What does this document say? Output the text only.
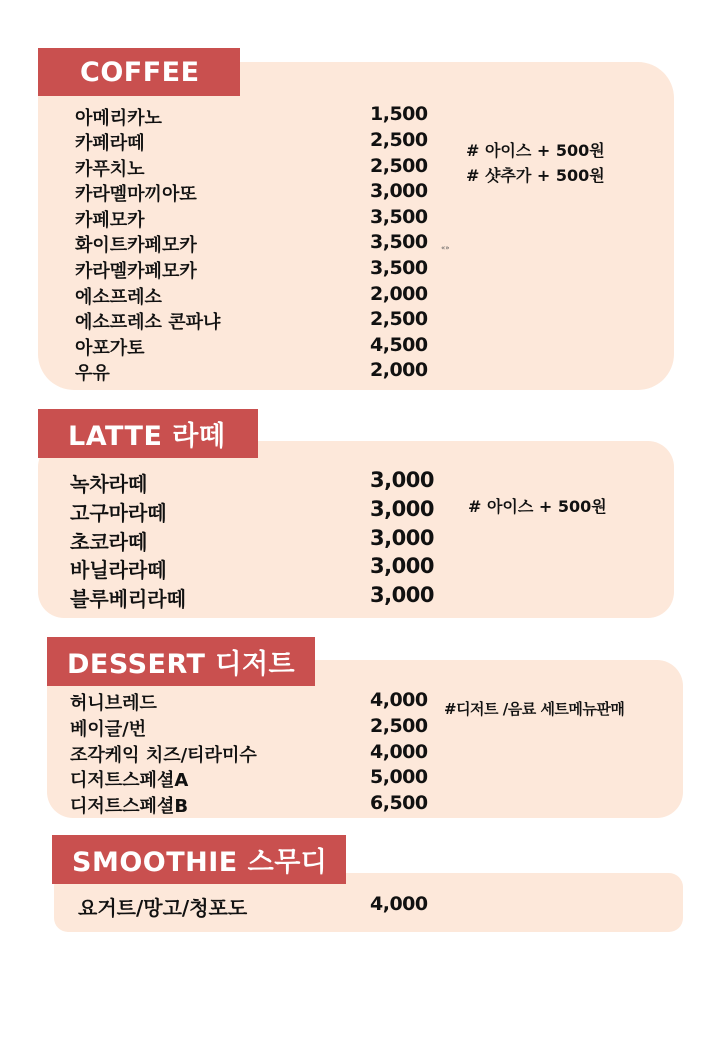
COFFEE
아메리카노	1,500
카페라떼	2,500
카푸치노	2,500
카라멜마끼아또	3,000
카페모카	3,500
화이트카페모카	3,500
카라멜카페모카	3,500
에소프레소	2,000
에소프레소 콘파냐	2,500
아포가토	4,500
우유	2,000
# 아이스 + 500원
# 샷추가 + 500원
«»
LATTE 라떼
녹차라떼	3,000
고구마라떼	3,000
초코라떼	3,000
바닐라라떼	3,000
블루베리라떼	3,000
# 아이스 + 500원
DESSERT 디저트
허니브레드	4,000
베이글/번	2,500
조각케익 치즈/티라미수	4,000
디저트스페셜A	5,000
디저트스페셜B	6,500
#디저트 /음료 세트메뉴판매
SMOOTHIE 스무디
요거트/망고/청포도	4,000
